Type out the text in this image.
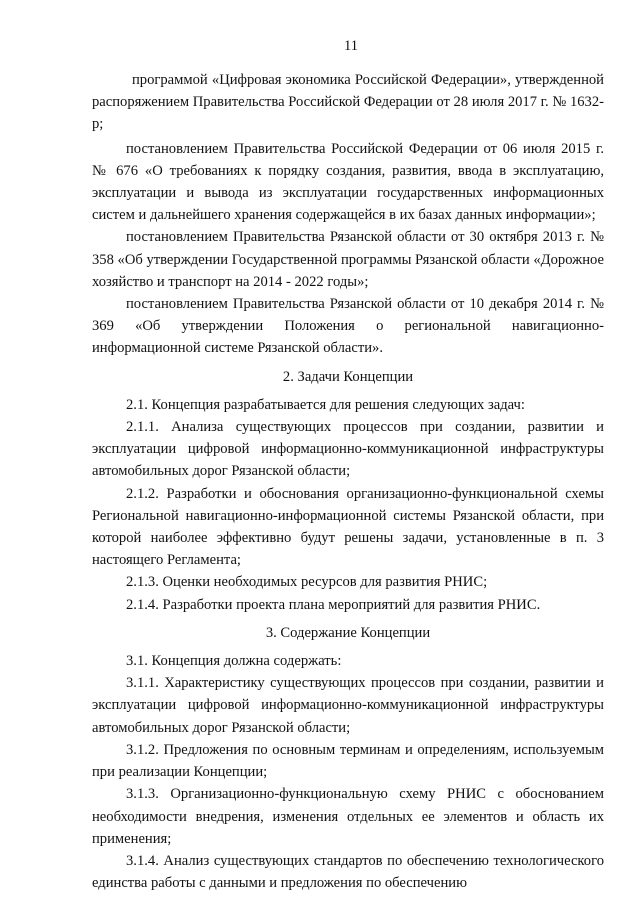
11

программой «Цифровая экономика Российской Федерации», утвержденной распоряжением Правительства Российской Федерации от 28 июля 2017 г. № 1632-р;

постановлением Правительства Российской Федерации от 06 июля 2015 г. № 676 «О требованиях к порядку создания, развития, ввода в эксплуатацию, эксплуатации и вывода из эксплуатации государственных информационных систем и дальнейшего хранения содержащейся в их базах данных информации»;

постановлением Правительства Рязанской области от 30 октября 2013 г. № 358 «Об утверждении Государственной программы Рязанской области «Дорожное хозяйство и транспорт на 2014 - 2022 годы»;

постановлением Правительства Рязанской области от 10 декабря 2014 г. № 369 «Об утверждении Положения о региональной навигационно-информационной системе Рязанской области».

2. Задачи Концепции

2.1. Концепция разрабатывается для решения следующих задач:

2.1.1. Анализа существующих процессов при создании, развитии и эксплуатации цифровой информационно-коммуникационной инфраструктуры автомобильных дорог Рязанской области;

2.1.2. Разработки и обоснования организационно-функциональной схемы Региональной навигационно-информационной системы Рязанской области, при которой наиболее эффективно будут решены задачи, установленные в п. 3 настоящего Регламента;

2.1.3. Оценки необходимых ресурсов для развития РНИС;

2.1.4. Разработки проекта плана мероприятий для развития РНИС.

3. Содержание Концепции

3.1. Концепция должна содержать:

3.1.1. Характеристику существующих процессов при создании, развитии и эксплуатации цифровой информационно-коммуникационной инфраструктуры автомобильных дорог Рязанской области;

3.1.2. Предложения по основным терминам и определениям, используемым при реализации Концепции;

3.1.3. Организационно-функциональную схему РНИС с обоснованием необходимости внедрения, изменения отдельных ее элементов и область их применения;

3.1.4. Анализ существующих стандартов по обеспечению технологического единства работы с данными и предложения по обеспечению
